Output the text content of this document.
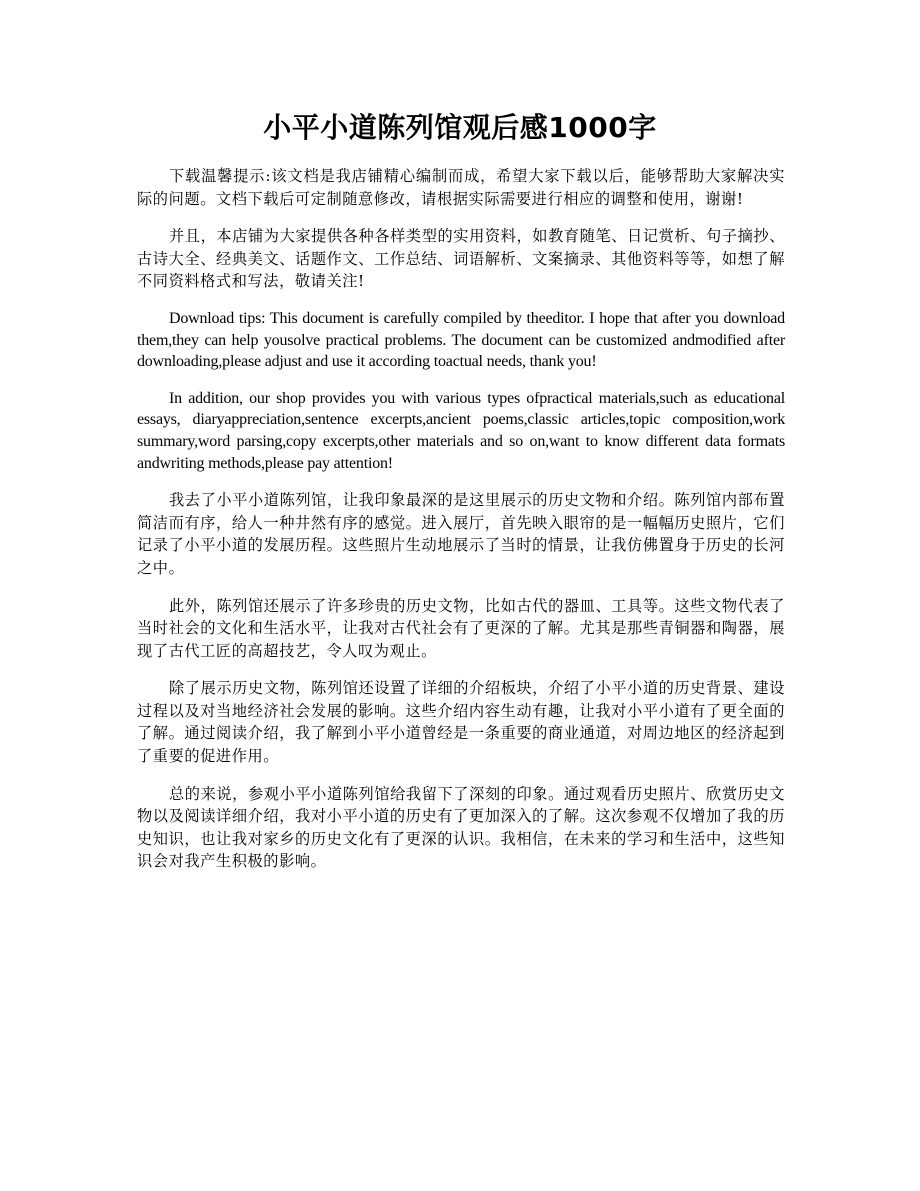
小平小道陈列馆观后感1000字

下载温馨提示:该文档是我店铺精心编制而成，希望大家下载以后，能够帮助大家解决实际的问题。文档下载后可定制随意修改，请根据实际需要进行相应的调整和使用，谢谢!

并且，本店铺为大家提供各种各样类型的实用资料，如教育随笔、日记赏析、句子摘抄、古诗大全、经典美文、话题作文、工作总结、词语解析、文案摘录、其他资料等等，如想了解不同资料格式和写法，敬请关注!

Download tips: This document is carefully compiled by theeditor. I hope that after you download them,they can help yousolve practical problems. The document can be customized andmodified after downloading,please adjust and use it according toactual needs, thank you!

In addition, our shop provides you with various types ofpractical materials,such as educational essays, diaryappreciation,sentence excerpts,ancient poems,classic articles,topic composition,work summary,word parsing,copy excerpts,other materials and so on,want to know different data formats andwriting methods,please pay attention!

我去了小平小道陈列馆，让我印象最深的是这里展示的历史文物和介绍。陈列馆内部布置简洁而有序，给人一种井然有序的感觉。进入展厅，首先映入眼帘的是一幅幅历史照片，它们记录了小平小道的发展历程。这些照片生动地展示了当时的情景，让我仿佛置身于历史的长河之中。

此外，陈列馆还展示了许多珍贵的历史文物，比如古代的器皿、工具等。这些文物代表了当时社会的文化和生活水平，让我对古代社会有了更深的了解。尤其是那些青铜器和陶器，展现了古代工匠的高超技艺，令人叹为观止。

除了展示历史文物，陈列馆还设置了详细的介绍板块，介绍了小平小道的历史背景、建设过程以及对当地经济社会发展的影响。这些介绍内容生动有趣，让我对小平小道有了更全面的了解。通过阅读介绍，我了解到小平小道曾经是一条重要的商业通道，对周边地区的经济起到了重要的促进作用。

总的来说，参观小平小道陈列馆给我留下了深刻的印象。通过观看历史照片、欣赏历史文物以及阅读详细介绍，我对小平小道的历史有了更加深入的了解。这次参观不仅增加了我的历史知识，也让我对家乡的历史文化有了更深的认识。我相信，在未来的学习和生活中，这些知识会对我产生积极的影响。
